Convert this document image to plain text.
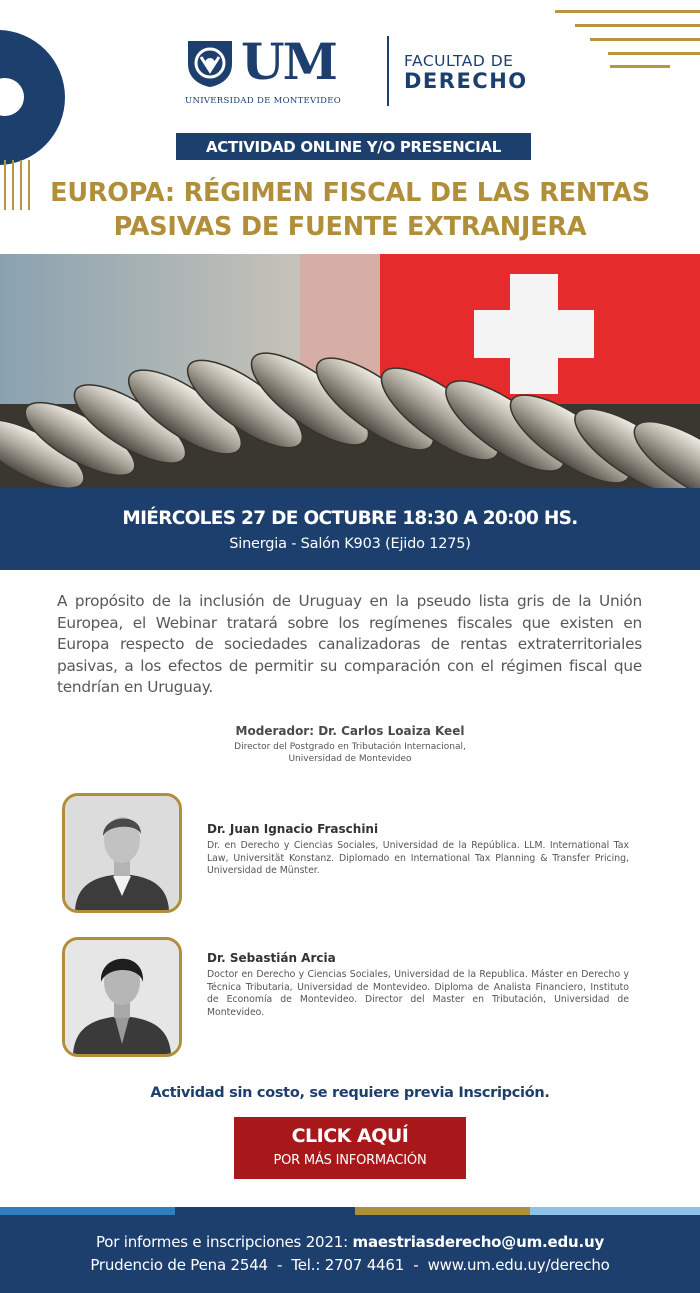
UM
UNIVERSIDAD DE MONTEVIDEO
FACULTAD DE
DERECHO
ACTIVIDAD ONLINE Y/O PRESENCIAL
EUROPA: RÉGIMEN FISCAL DE LAS RENTAS
PASIVAS DE FUENTE EXTRANJERA
MIÉRCOLES 27 DE OCTUBRE 18:30 A 20:00 HS.
Sinergia - Salón K903 (Ejido 1275)

A propósito de la inclusión de Uruguay en la pseudo lista gris de la Unión Europea, el Webinar tratará sobre los regímenes fiscales que existen en Europa respecto de sociedades canalizadoras de rentas extraterritoriales pasivas, a los efectos de permitir su comparación con el régimen fiscal que tendrían en Uruguay.

Moderador: Dr. Carlos Loaiza Keel
Director del Postgrado en Tributación Internacional,
Universidad de Montevideo
Dr. Juan Ignacio Fraschini
Dr. en Derecho y Ciencias Sociales, Universidad de la República. LLM. International Tax Law, Universität Konstanz. Diplomado en International Tax Planning & Transfer Pricing, Universidad de Münster.
Dr. Sebastián Arcia
Doctor en Derecho y Ciencias Sociales, Universidad de la Republica. Máster en Derecho y Técnica Tributaria, Universidad de Montevideo. Diploma de Analista Financiero, Instituto de Economía de Montevideo. Director del Master en Tributación, Universidad de Montevideo.
Actividad sin costo, se requiere previa Inscripción.
CLICK AQUÍ
POR MÁS INFORMACIÓN
Por informes e inscripciones 2021: maestriasderecho@um.edu.uy
Prudencio de Pena 2544  -  Tel.: 2707 4461  -  www.um.edu.uy/derecho
